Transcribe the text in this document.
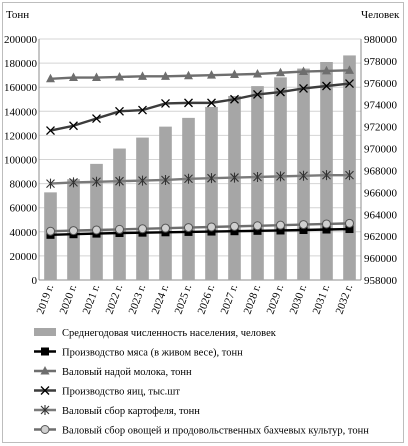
0
20000
40000
60000
80000
100000
120000
140000
160000
180000
200000
958000
960000
962000
964000
966000
968000
970000
972000
974000
976000
978000
980000
2019 г. 2020 г. 2021 г. 2022 г. 2023 г. 2024 г. 2025 г. 2026 г. 2027 г. 2028 г. 2029 г. 2030 г. 2031 г. 2032 г.
Тонн	Человек
Среднегодовая численность населения, человек
Производство мяса (в живом весе), тонн
Валовый надой молока, тонн
Производство яиц, тыс.шт
Валовый сбор картофеля, тонн
Валовый сбор овощей и продовольственных бахчевых культур, тонн
